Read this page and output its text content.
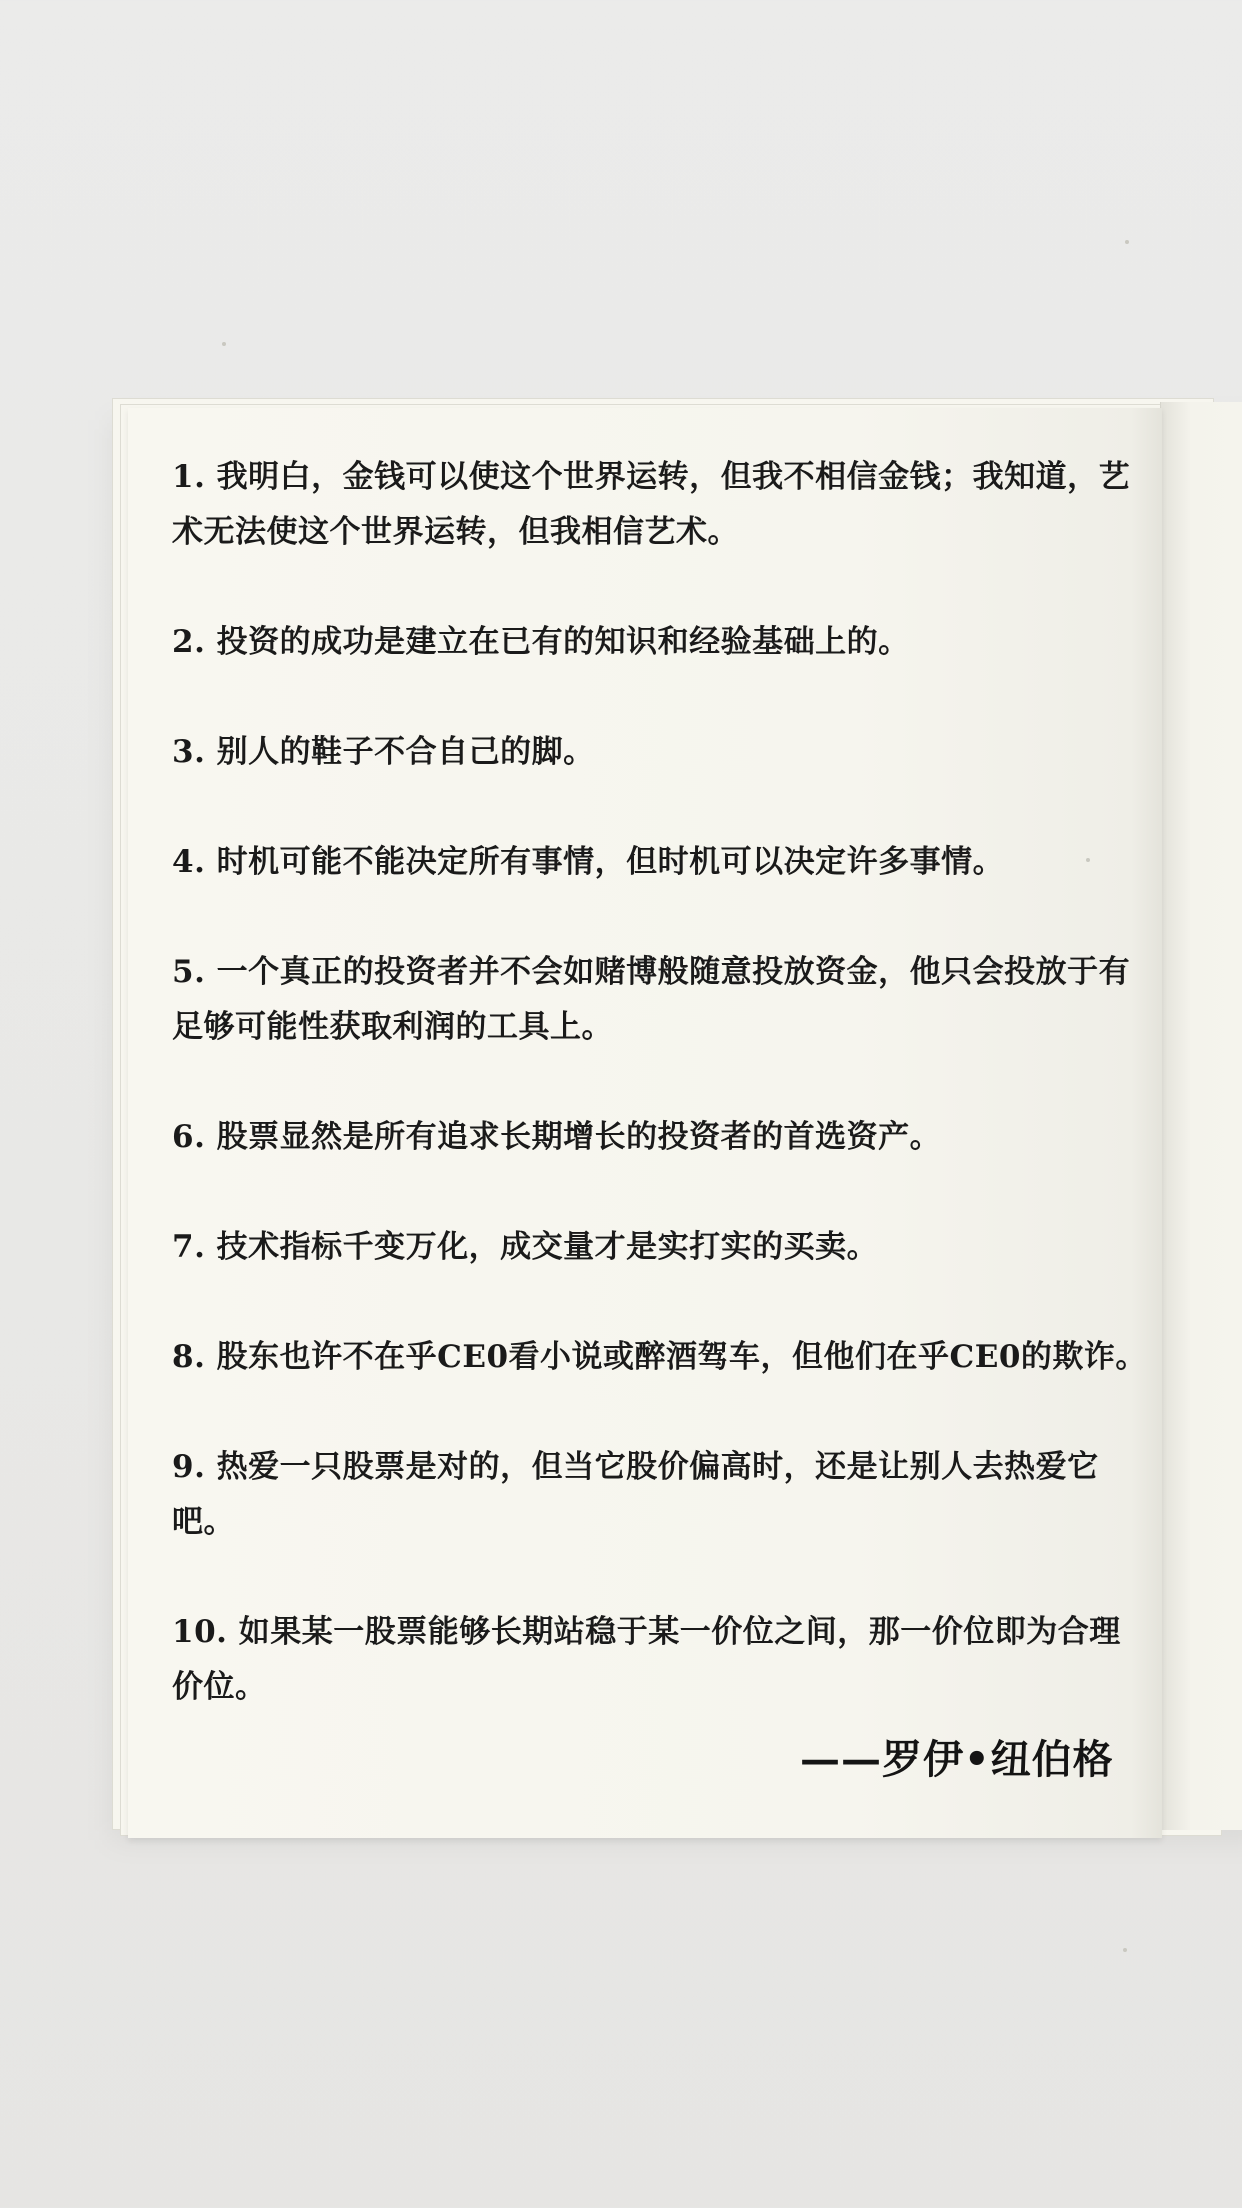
1. 我明白，金钱可以使这个世界运转，但我不相信金钱；我知道，艺术无法使这个世界运转，但我相信艺术。
2. 投资的成功是建立在已有的知识和经验基础上的。
3. 别人的鞋子不合自己的脚。
4. 时机可能不能决定所有事情，但时机可以决定许多事情。
5. 一个真正的投资者并不会如赌博般随意投放资金，他只会投放于有足够可能性获取利润的工具上。
6. 股票显然是所有追求长期增长的投资者的首选资产。
7. 技术指标千变万化，成交量才是实打实的买卖。
8. 股东也许不在乎CE0看小说或醉酒驾车，但他们在乎CE0的欺诈。
9. 热爱一只股票是对的，但当它股价偏高时，还是让别人去热爱它吧。
10. 如果某一股票能够长期站稳于某一价位之间，那一价位即为合理价位。
——罗伊•纽伯格
